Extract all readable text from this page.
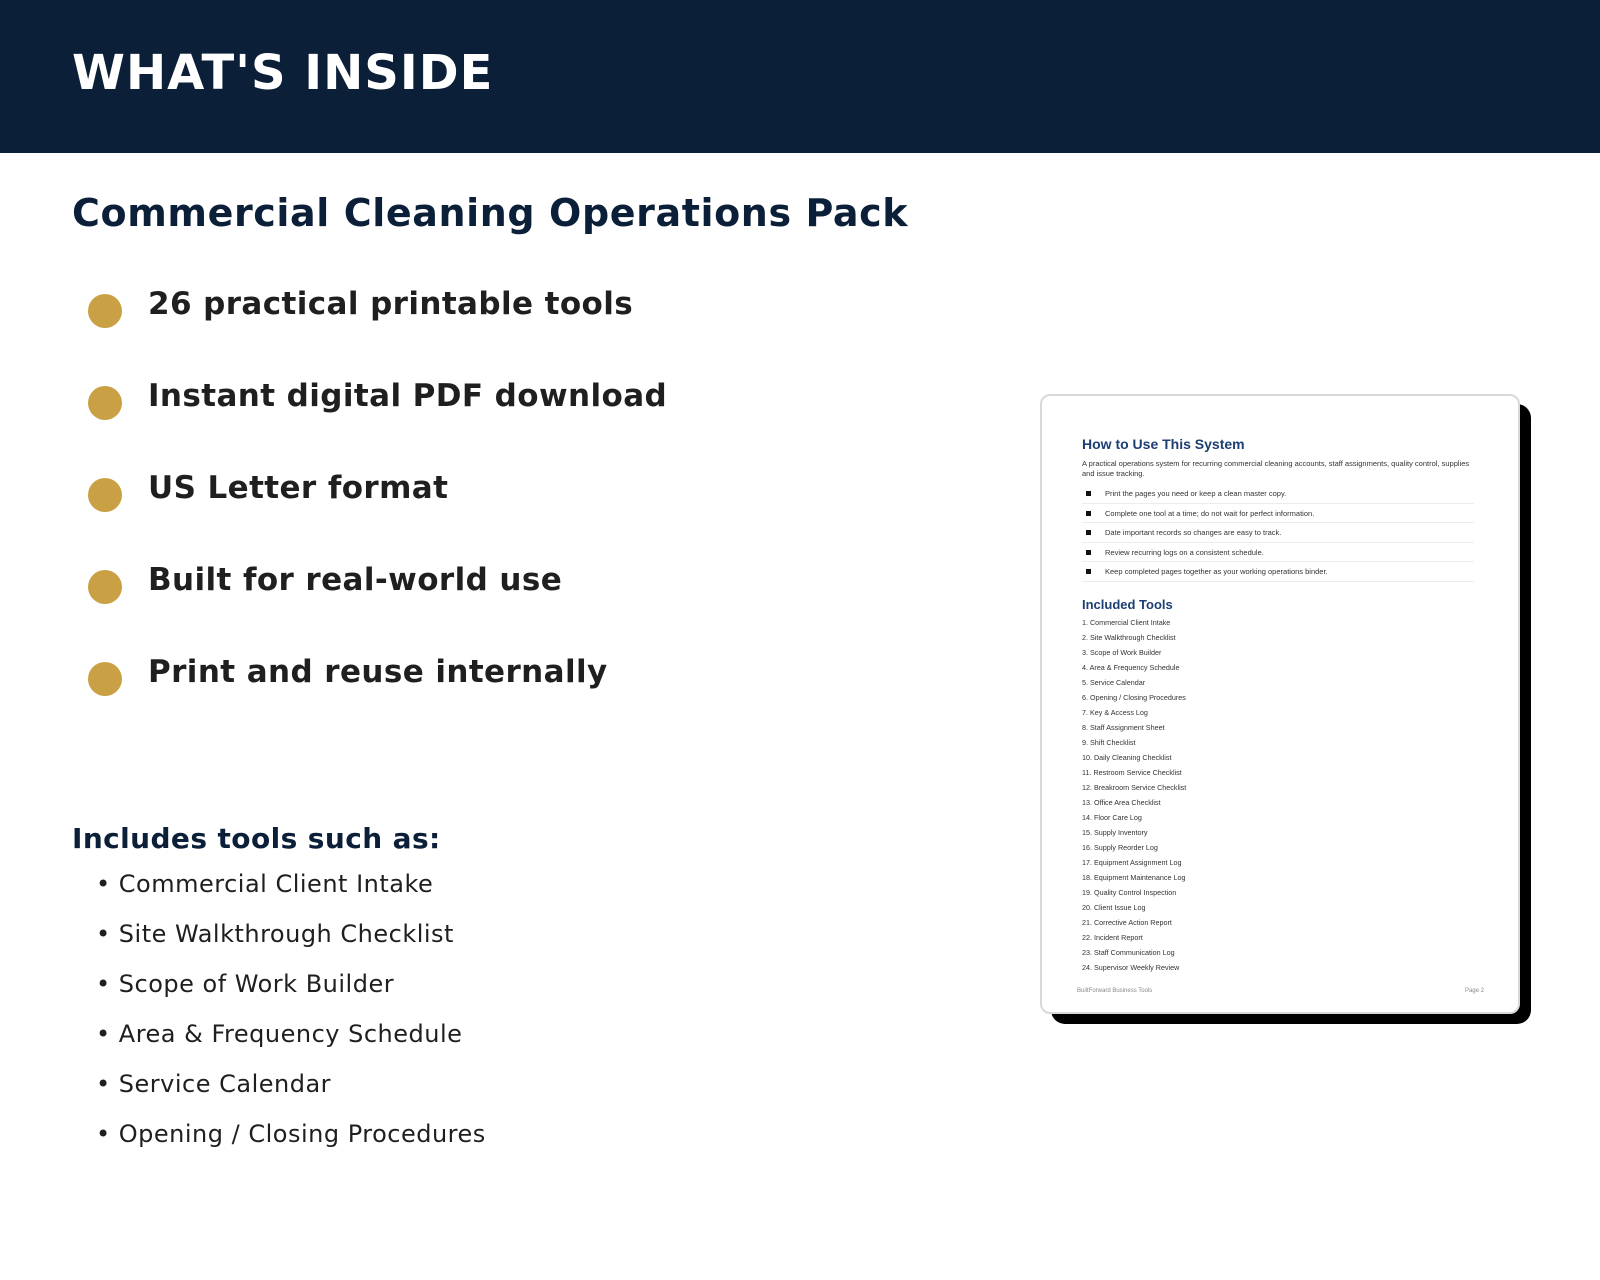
WHAT'S INSIDE
Commercial Cleaning Operations Pack
26 practical printable tools
Instant digital PDF download
US Letter format
Built for real-world use
Print and reuse internally
Includes tools such as:
• Commercial Client Intake
• Site Walkthrough Checklist
• Scope of Work Builder
• Area & Frequency Schedule
• Service Calendar
• Opening / Closing Procedures
How to Use This System
A practical operations system for recurring commercial cleaning accounts, staff assignments, quality control, supplies and issue tracking.
Print the pages you need or keep a clean master copy.
Complete one tool at a time; do not wait for perfect information.
Date important records so changes are easy to track.
Review recurring logs on a consistent schedule.
Keep completed pages together as your working operations binder.
Included Tools
1. Commercial Client Intake
2. Site Walkthrough Checklist
3. Scope of Work Builder
4. Area & Frequency Schedule
5. Service Calendar
6. Opening / Closing Procedures
7. Key & Access Log
8. Staff Assignment Sheet
9. Shift Checklist
10. Daily Cleaning Checklist
11. Restroom Service Checklist
12. Breakroom Service Checklist
13. Office Area Checklist
14. Floor Care Log
15. Supply Inventory
16. Supply Reorder Log
17. Equipment Assignment Log
18. Equipment Maintenance Log
19. Quality Control Inspection
20. Client Issue Log
21. Corrective Action Report
22. Incident Report
23. Staff Communication Log
24. Supervisor Weekly Review
BuiltForward Business Tools	Page 2
